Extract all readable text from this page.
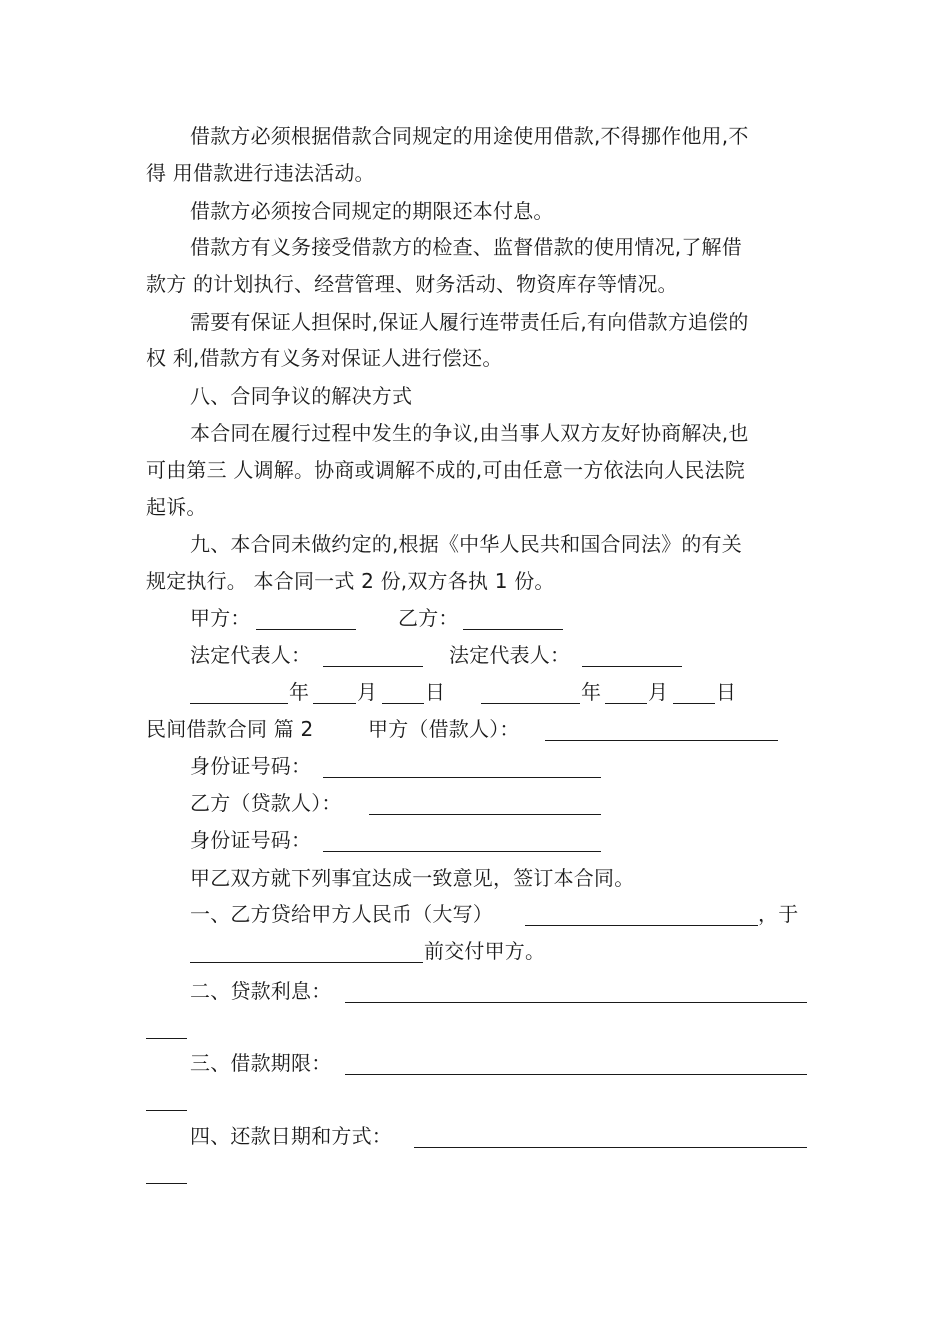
借款方必须根据借款合同规定的用途使用借款,不得挪作他用,不
得 用借款进行违法活动。
借款方必须按合同规定的期限还本付息。
借款方有义务接受借款方的检查、监督借款的使用情况,了解借
款方 的计划执行、经营管理、财务活动、物资库存等情况。
需要有保证人担保时,保证人履行连带责任后,有向借款方追偿的
权 利,借款方有义务对保证人进行偿还。
八、合同争议的解决方式
本合同在履行过程中发生的争议,由当事人双方友好协商解决,也
可由第三 人调解。协商或调解不成的,可由任意一方依法向人民法院
起诉。
九、本合同未做约定的,根据《中华人民共和国合同法》的有关
规定执行。 本合同一式 2 份,双方各执 1 份。
甲方：	乙方：
法定代表人：	法定代表人：
年 月 日	年 月 日
民间借款合同 篇 2	甲方（借款人）：
身份证号码：
乙方（贷款人）：
身份证号码：
甲乙双方就下列事宜达成一致意见，签订本合同。
一、乙方贷给甲方人民币（大写）	，于
前交付甲方。
二、贷款利息：
三、借款期限：
四、还款日期和方式：
